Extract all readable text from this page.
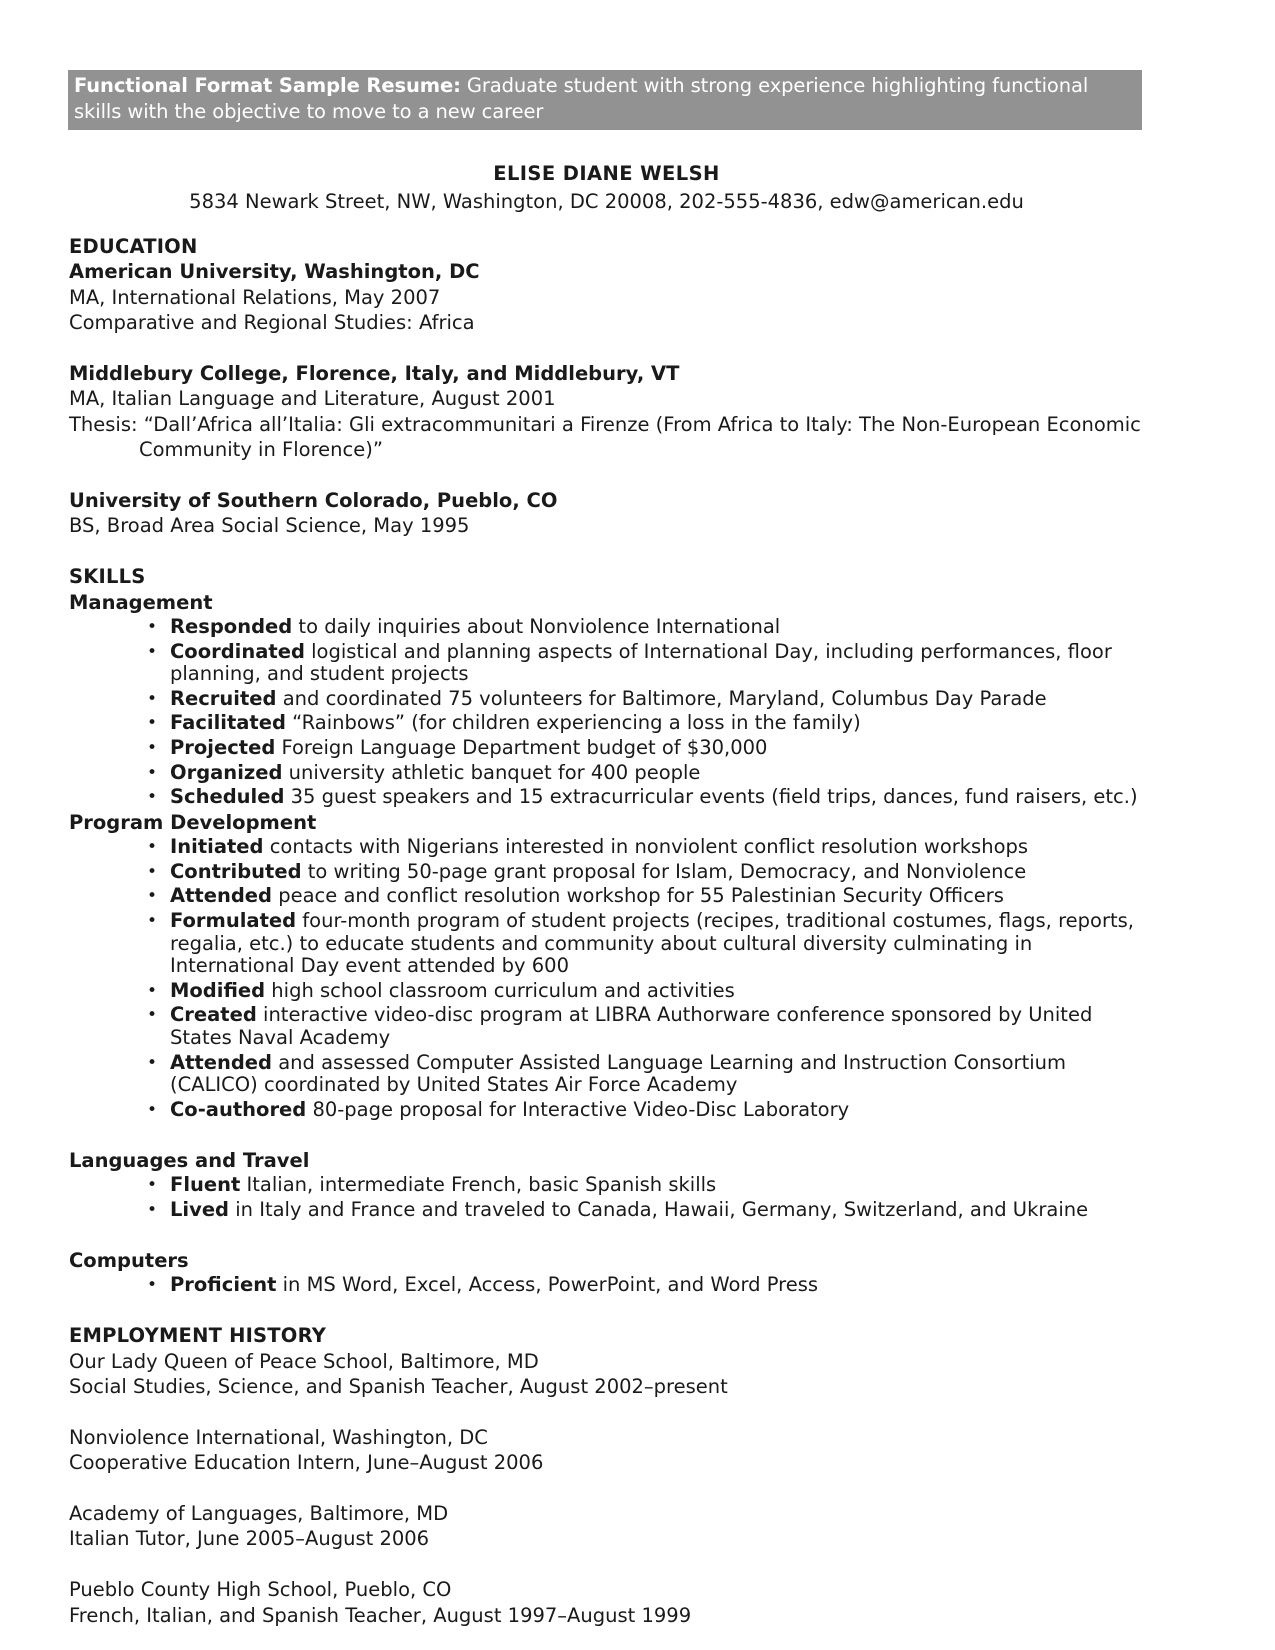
Functional Format Sample Resume: Graduate student with strong experience highlighting functional skills with the objective to move to a new career
ELISE DIANE WELSH
5834 Newark Street, NW, Washington, DC 20008, 202-555-4836, edw@american.edu
EDUCATION
American University, Washington, DC
MA, International Relations, May 2007
Comparative and Regional Studies: Africa
Middlebury College, Florence, Italy, and Middlebury, VT
MA, Italian Language and Literature, August 2001
Thesis: “Dall’Africa all’Italia: Gli extracommunitari a Firenze (From Africa to Italy: The Non-European Economic Community in Florence)”
University of Southern Colorado, Pueblo, CO
BS, Broad Area Social Science, May 1995
SKILLS
Management
• Responded to daily inquiries about Nonviolence International
• Coordinated logistical and planning aspects of International Day, including performances, floor planning, and student projects
• Recruited and coordinated 75 volunteers for Baltimore, Maryland, Columbus Day Parade
• Facilitated “Rainbows” (for children experiencing a loss in the family)
• Projected Foreign Language Department budget of $30,000
• Organized university athletic banquet for 400 people
• Scheduled 35 guest speakers and 15 extracurricular events (field trips, dances, fund raisers, etc.)
Program Development
• Initiated contacts with Nigerians interested in nonviolent conflict resolution workshops
• Contributed to writing 50-page grant proposal for Islam, Democracy, and Nonviolence
• Attended peace and conflict resolution workshop for 55 Palestinian Security Officers
• Formulated four-month program of student projects (recipes, traditional costumes, flags, reports, regalia, etc.) to educate students and community about cultural diversity culminating in International Day event attended by 600
• Modified high school classroom curriculum and activities
• Created interactive video-disc program at LIBRA Authorware conference sponsored by United States Naval Academy
• Attended and assessed Computer Assisted Language Learning and Instruction Consortium (CALICO) coordinated by United States Air Force Academy
• Co-authored 80-page proposal for Interactive Video-Disc Laboratory
Languages and Travel
• Fluent Italian, intermediate French, basic Spanish skills
• Lived in Italy and France and traveled to Canada, Hawaii, Germany, Switzerland, and Ukraine
Computers
• Proficient in MS Word, Excel, Access, PowerPoint, and Word Press
EMPLOYMENT HISTORY
Our Lady Queen of Peace School, Baltimore, MD
Social Studies, Science, and Spanish Teacher, August 2002–present
Nonviolence International, Washington, DC
Cooperative Education Intern, June–August 2006
Academy of Languages, Baltimore, MD
Italian Tutor, June 2005–August 2006
Pueblo County High School, Pueblo, CO
French, Italian, and Spanish Teacher, August 1997–August 1999
